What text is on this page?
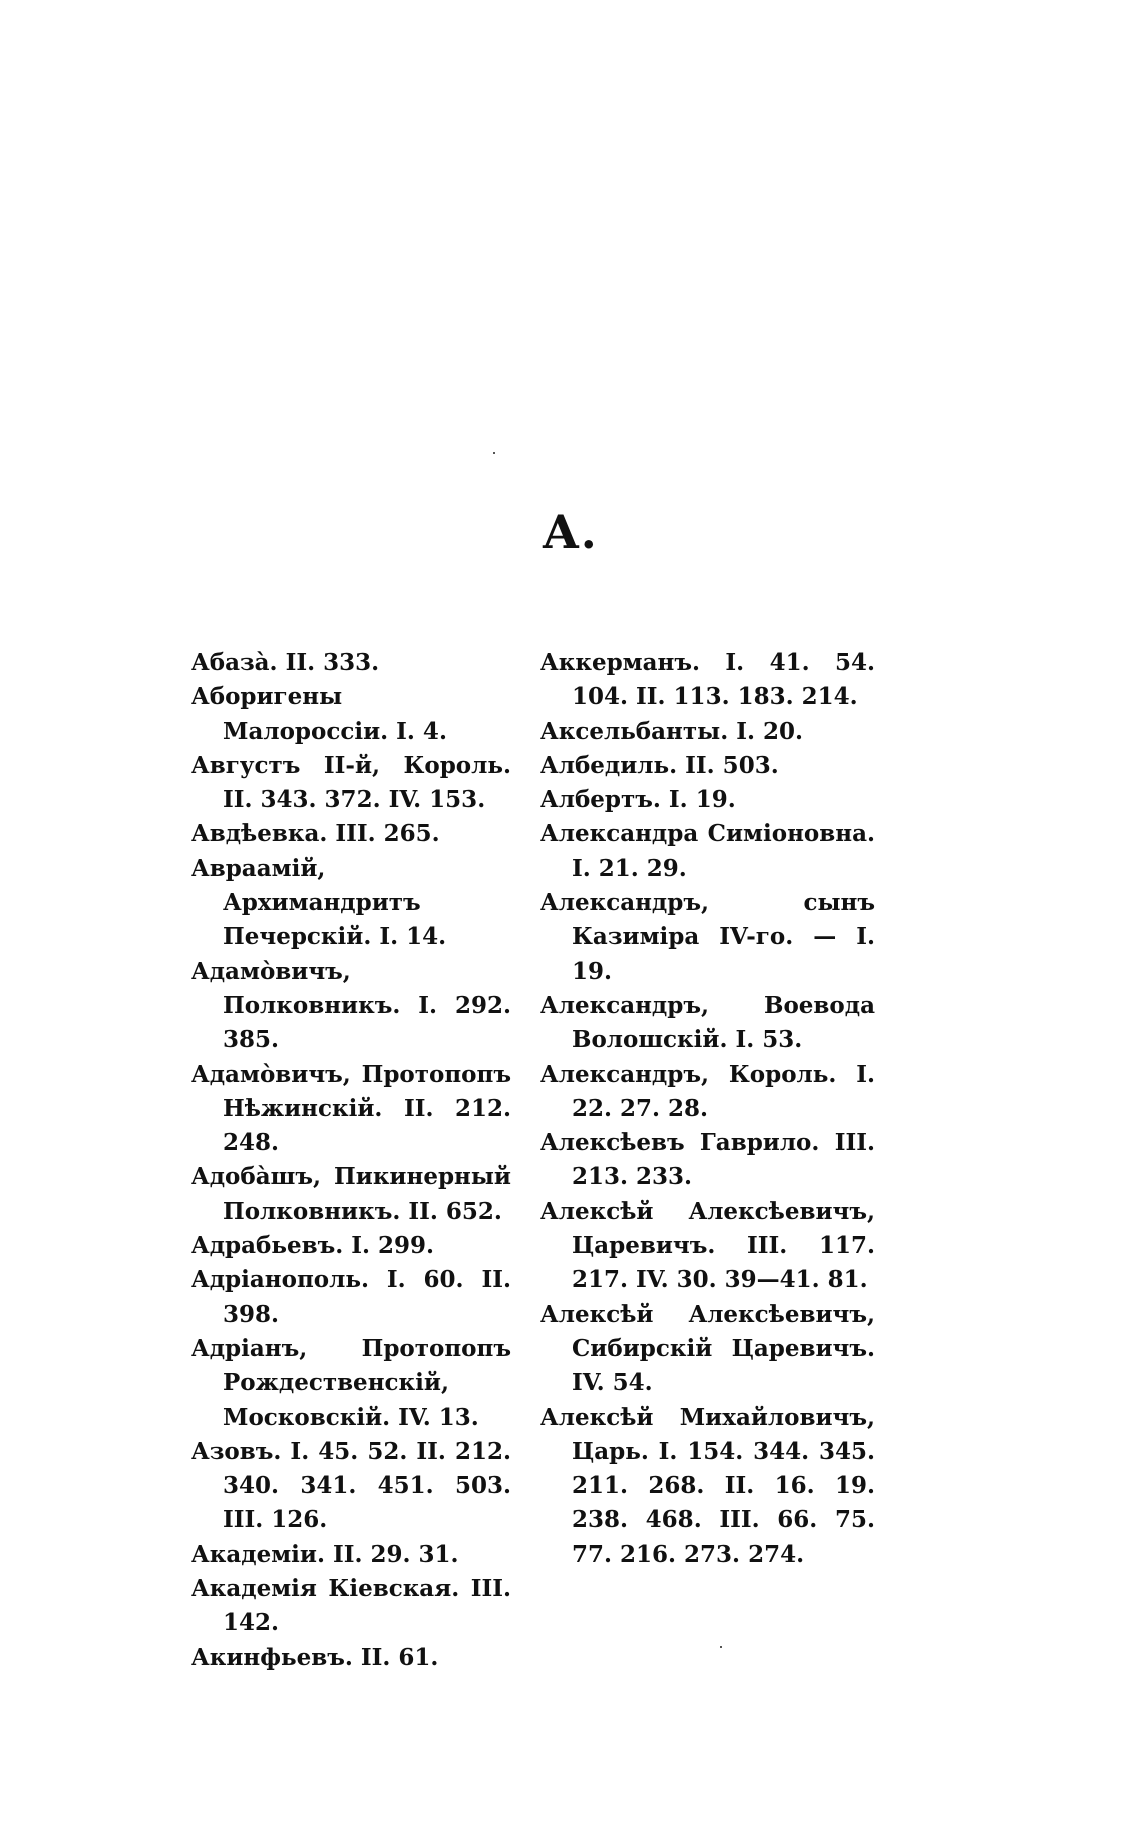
А.
Абаза̀. II. 333.
Аборигены Малороссіи. I. 4.
Августъ II-й, Король. II. 343. 372. IV. 153.
Авдѣевка. III. 265.
Авраамій, Архимандритъ Печерскій. I. 14.
Адамо̀вичъ, Полковникъ. I. 292. 385.
Адамо̀вичъ, Протопопъ Нѣжинскій. II. 212. 248.
Адоба̀шъ, Пикинерный Полковникъ. II. 652.
Адрабьевъ. I. 299.
Адріанополь. I. 60. II. 398.
Адріанъ, Протопопъ Рождественскій, Московскій. IV. 13.
Азовъ. I. 45. 52. II. 212. 340. 341. 451. 503. III. 126.
Академіи. II. 29. 31.
Академія Кіевская. III. 142.
Акинфьевъ. II. 61.
Аккерманъ. I. 41. 54. 104. II. 113. 183. 214.
Аксельбанты. I. 20.
Албедиль. II. 503.
Албертъ. I. 19.
Александра Симіоновна. I. 21. 29.
Александръ, сынъ Казиміра IV-го. — I. 19.
Александръ, Воевода Волошскій. I. 53.
Александръ, Король. I. 22. 27. 28.
Алексѣевъ Гаврило. III. 213. 233.
Алексѣй Алексѣевичъ, Царевичъ. III. 117. 217. IV. 30. 39—41. 81.
Алексѣй Алексѣевичъ, Сибирскій Царевичъ. IV. 54.
Алексѣй Михайловичъ, Царь. I. 154. 344. 345. 211. 268. II. 16. 19. 238. 468. III. 66. 75. 77. 216. 273. 274.
